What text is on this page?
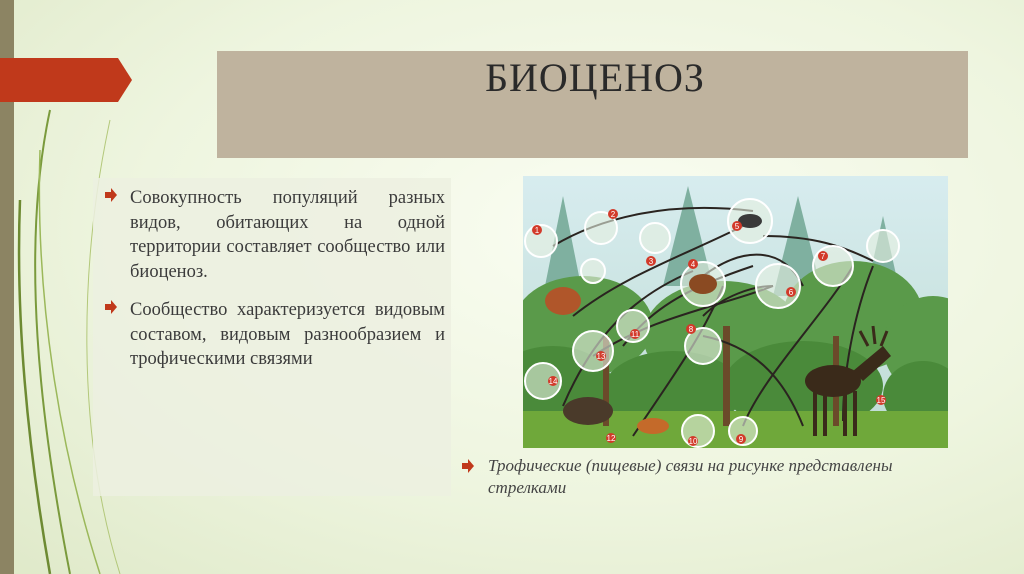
БИОЦЕНОЗ
Совокупность популяций разных видов, обитающих на одной территории составляет сообщество или биоценоз.
Сообщество характеризуется видовым составом, видовым разнообразием и трофическими связями
1
2
3	4
5
6
7
8
9
10
11
12
13
14
15
Трофические (пищевые) связи на рисунке представлены стрелками
